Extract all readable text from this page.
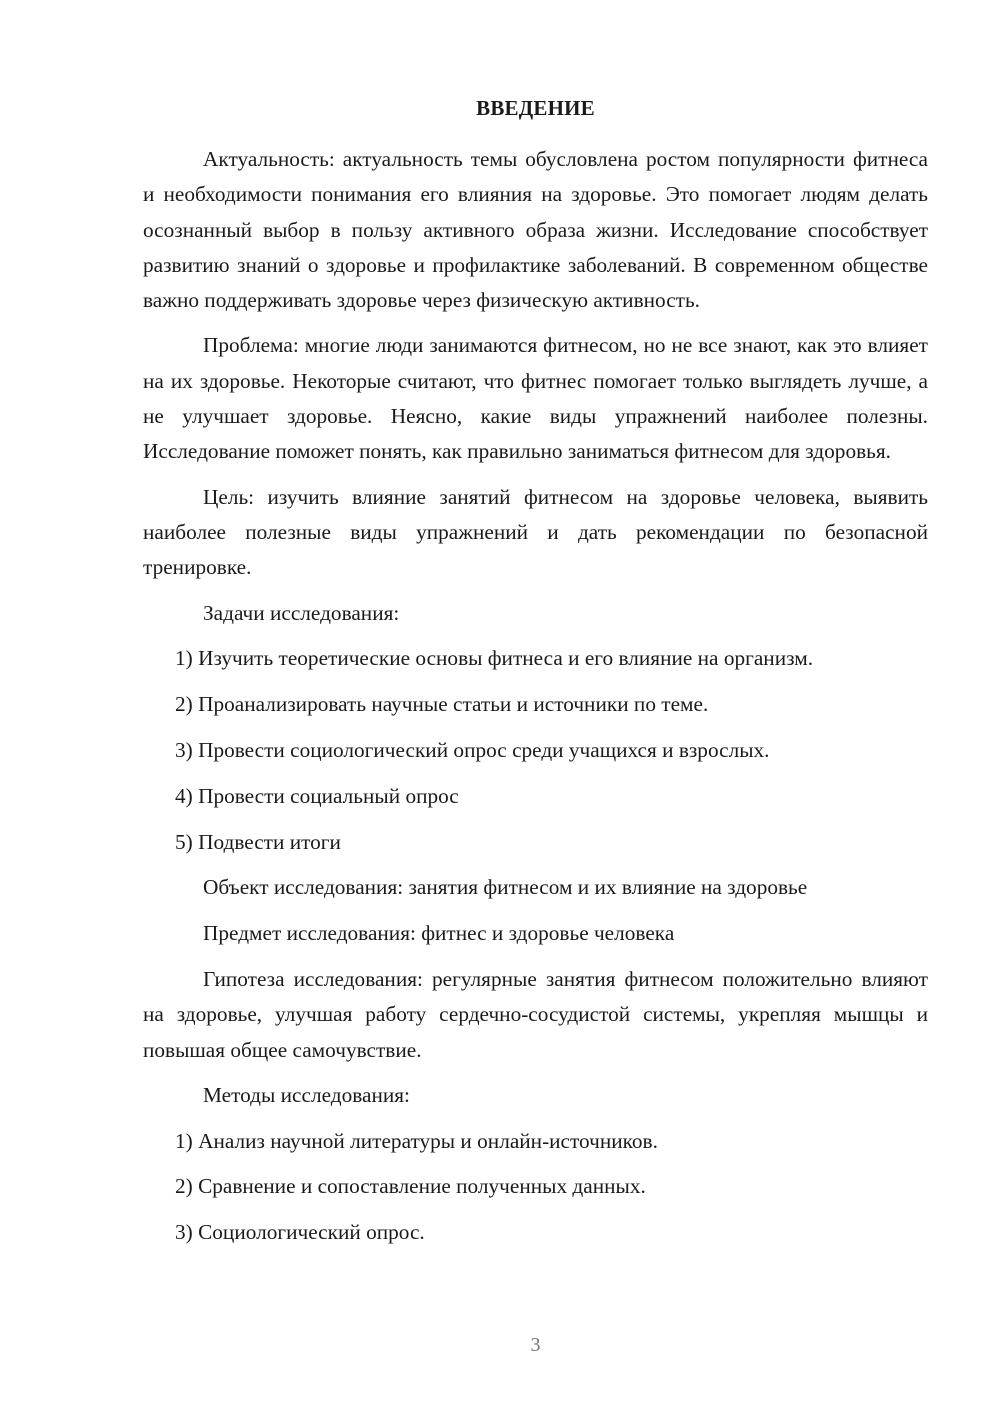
ВВЕДЕНИЕ

Актуальность: актуальность темы обусловлена ростом популярности фитнеса и необходимости понимания его влияния на здоровье. Это помогает людям делать осознанный выбор в пользу активного образа жизни. Исследование способствует развитию знаний о здоровье и профилактике заболеваний. В современном обществе важно поддерживать здоровье через физическую активность.

Проблема: многие люди занимаются фитнесом, но не все знают, как это влияет на их здоровье. Некоторые считают, что фитнес помогает только выглядеть лучше, а не улучшает здоровье. Неясно, какие виды упражнений наиболее полезны. Исследование поможет понять, как правильно заниматься фитнесом для здоровья.

Цель: изучить влияние занятий фитнесом на здоровье человека, выявить наиболее полезные виды упражнений и дать рекомендации по безопасной тренировке.

Задачи исследования:

1) Изучить теоретические основы фитнеса и его влияние на организм.

2) Проанализировать научные статьи и источники по теме.

3) Провести социологический опрос среди учащихся и взрослых.

4) Провести социальный опрос

5) Подвести итоги

Объект исследования: занятия фитнесом и их влияние на здоровье

Предмет исследования: фитнес и здоровье человека

Гипотеза исследования: регулярные занятия фитнесом положительно влияют на здоровье, улучшая работу сердечно-сосудистой системы, укрепляя мышцы и повышая общее самочувствие.

Методы исследования:

1) Анализ научной литературы и онлайн-источников.

2) Сравнение и сопоставление полученных данных.

3) Социологический опрос.

3
